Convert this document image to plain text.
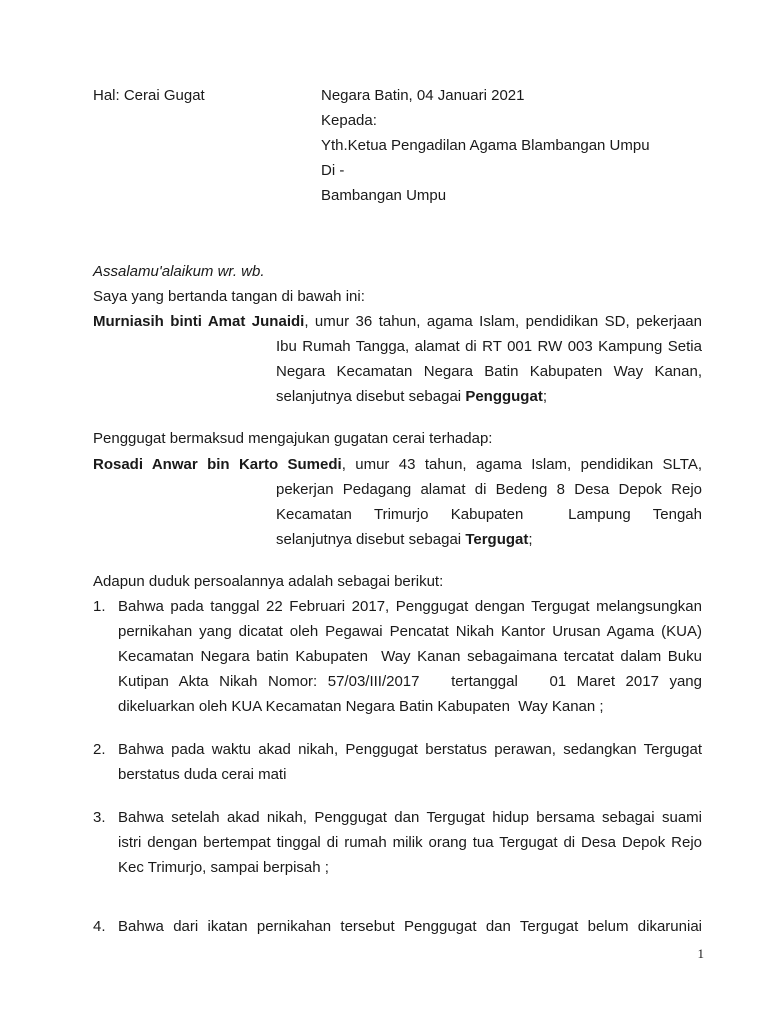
Hal: Cerai Gugat	Negara Batin, 04 Januari 2021
Kepada:
Yth.Ketua Pengadilan Agama Blambangan Umpu
Di -
Bambangan Umpu
Assalamu'alaikum wr. wb.
Saya yang bertanda tangan di bawah ini:
Murniasih binti Amat Junaidi, umur 36 tahun, agama Islam, pendidikan SD, pekerjaan
Ibu Rumah Tangga, alamat di RT 001 RW 003 Kampung Setia
Negara Kecamatan Negara Batin Kabupaten Way Kanan,
selanjutnya disebut sebagai Penggugat;
Penggugat bermaksud mengajukan gugatan cerai terhadap:
Rosadi Anwar bin Karto Sumedi, umur 43 tahun, agama Islam, pendidikan SLTA,
pekerjan Pedagang alamat di Bedeng 8 Desa Depok Rejo
Kecamatan Trimurjo Kabupaten  Lampung Tengah
selanjutnya disebut sebagai Tergugat;
Adapun duduk persoalannya adalah sebagai berikut:
1. Bahwa pada tanggal 22 Februari 2017, Penggugat dengan Tergugat melangsungkan
pernikahan yang dicatat oleh Pegawai Pencatat Nikah Kantor Urusan Agama (KUA)
Kecamatan Negara batin Kabupaten  Way Kanan sebagaimana tercatat dalam Buku
Kutipan Akta Nikah Nomor: 57/03/III/2017   tertanggal   01 Maret 2017 yang
dikeluarkan oleh KUA Kecamatan Negara Batin Kabupaten  Way Kanan ;
2. Bahwa pada waktu akad nikah, Penggugat berstatus perawan, sedangkan Tergugat
berstatus duda cerai mati
3. Bahwa setelah akad nikah, Penggugat dan Tergugat hidup bersama sebagai suami
istri dengan bertempat tinggal di rumah milik orang tua Tergugat di Desa Depok Rejo
Kec Trimurjo, sampai berpisah ;
4. Bahwa dari ikatan pernikahan tersebut Penggugat dan Tergugat belum dikaruniai
1
